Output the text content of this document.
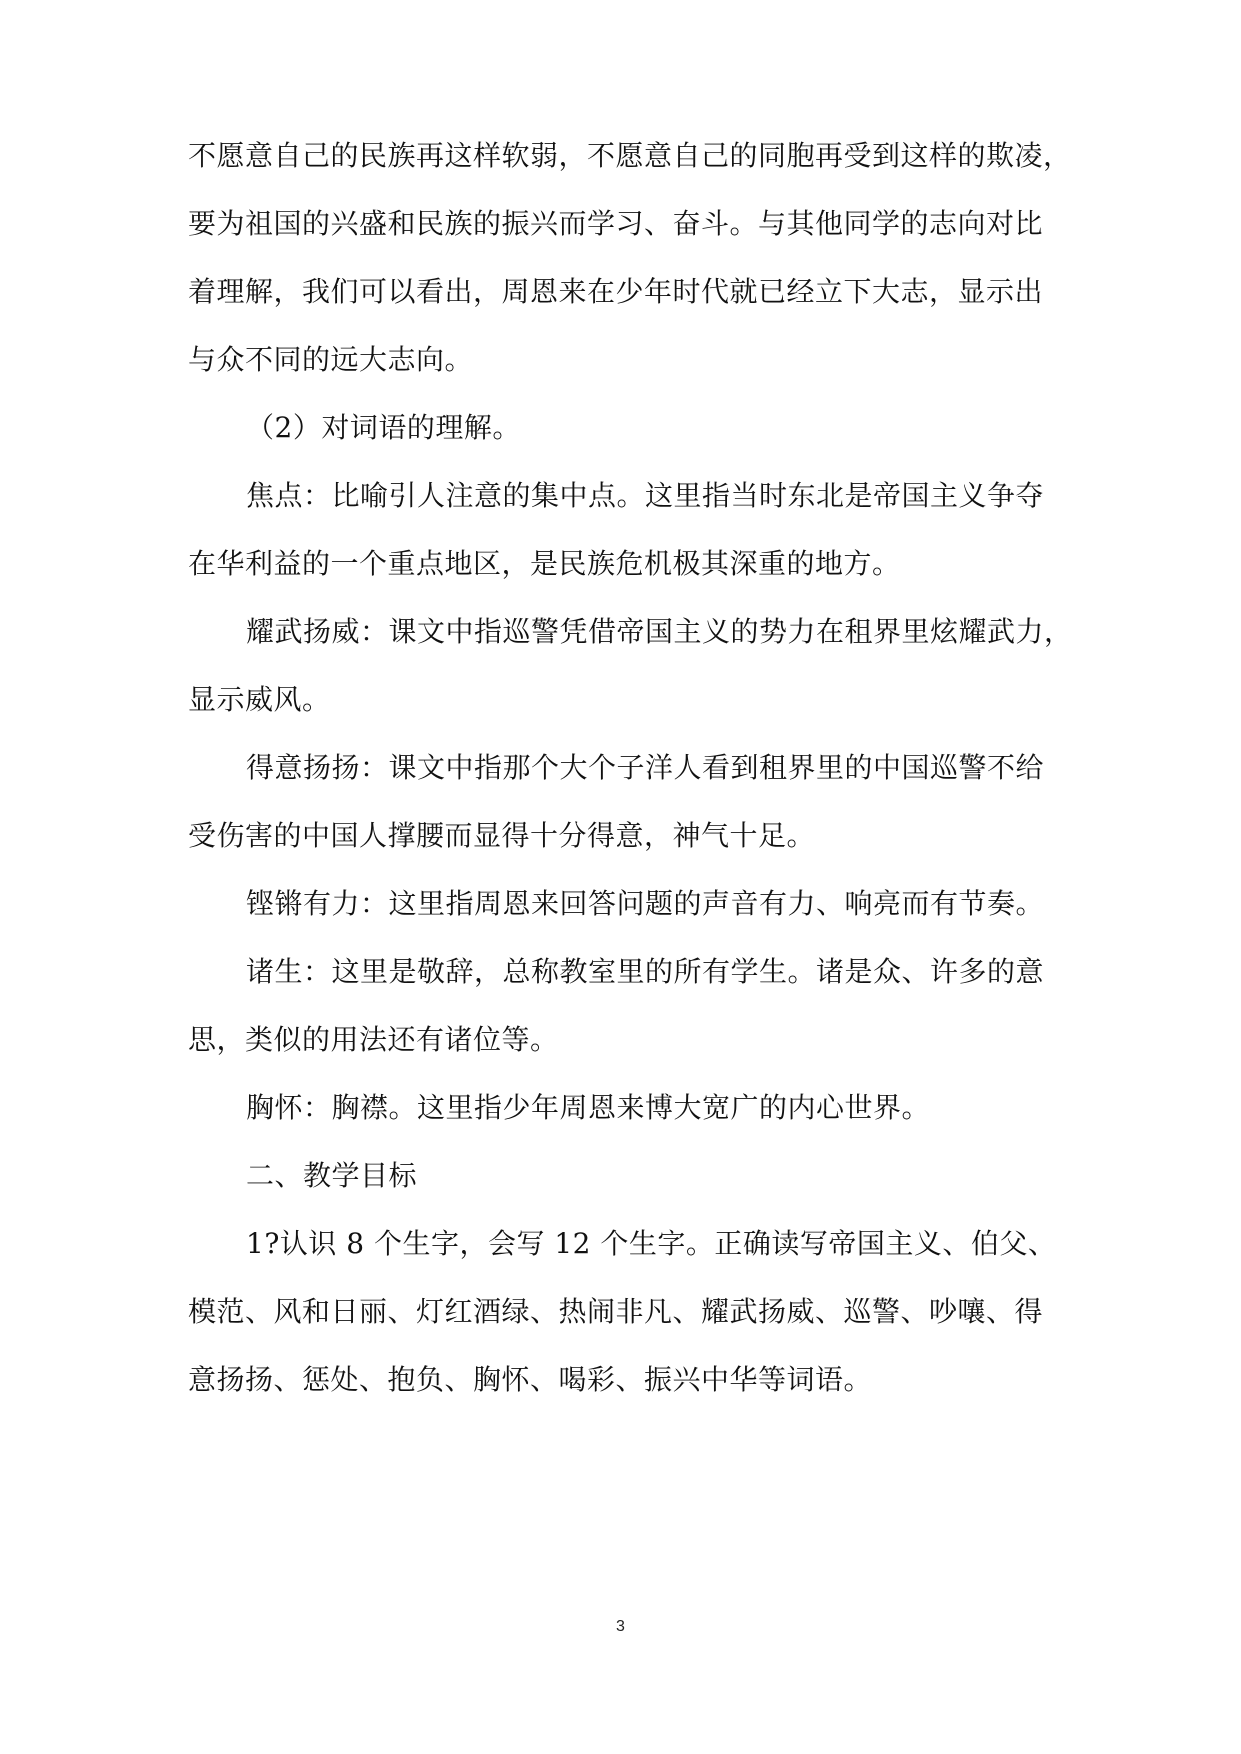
不愿意自己的民族再这样软弱，不愿意自己的同胞再受到这样的欺凌，
要为祖国的兴盛和民族的振兴而学习、奋斗。与其他同学的志向对比
着理解，我们可以看出，周恩来在少年时代就已经立下大志，显示出
与众不同的远大志向。
（2）对词语的理解。
焦点：比喻引人注意的集中点。这里指当时东北是帝国主义争夺
在华利益的一个重点地区，是民族危机极其深重的地方。
耀武扬威：课文中指巡警凭借帝国主义的势力在租界里炫耀武力，
显示威风。
得意扬扬：课文中指那个大个子洋人看到租界里的中国巡警不给
受伤害的中国人撑腰而显得十分得意，神气十足。
铿锵有力：这里指周恩来回答问题的声音有力、响亮而有节奏。
诸生：这里是敬辞，总称教室里的所有学生。诸是众、许多的意
思，类似的用法还有诸位等。
胸怀：胸襟。这里指少年周恩来博大宽广的内心世界。
二、教学目标
1?认识 8 个生字，会写 12 个生字。正确读写帝国主义、伯父、
模范、风和日丽、灯红酒绿、热闹非凡、耀武扬威、巡警、吵嚷、得
意扬扬、惩处、抱负、胸怀、喝彩、振兴中华等词语。
3
